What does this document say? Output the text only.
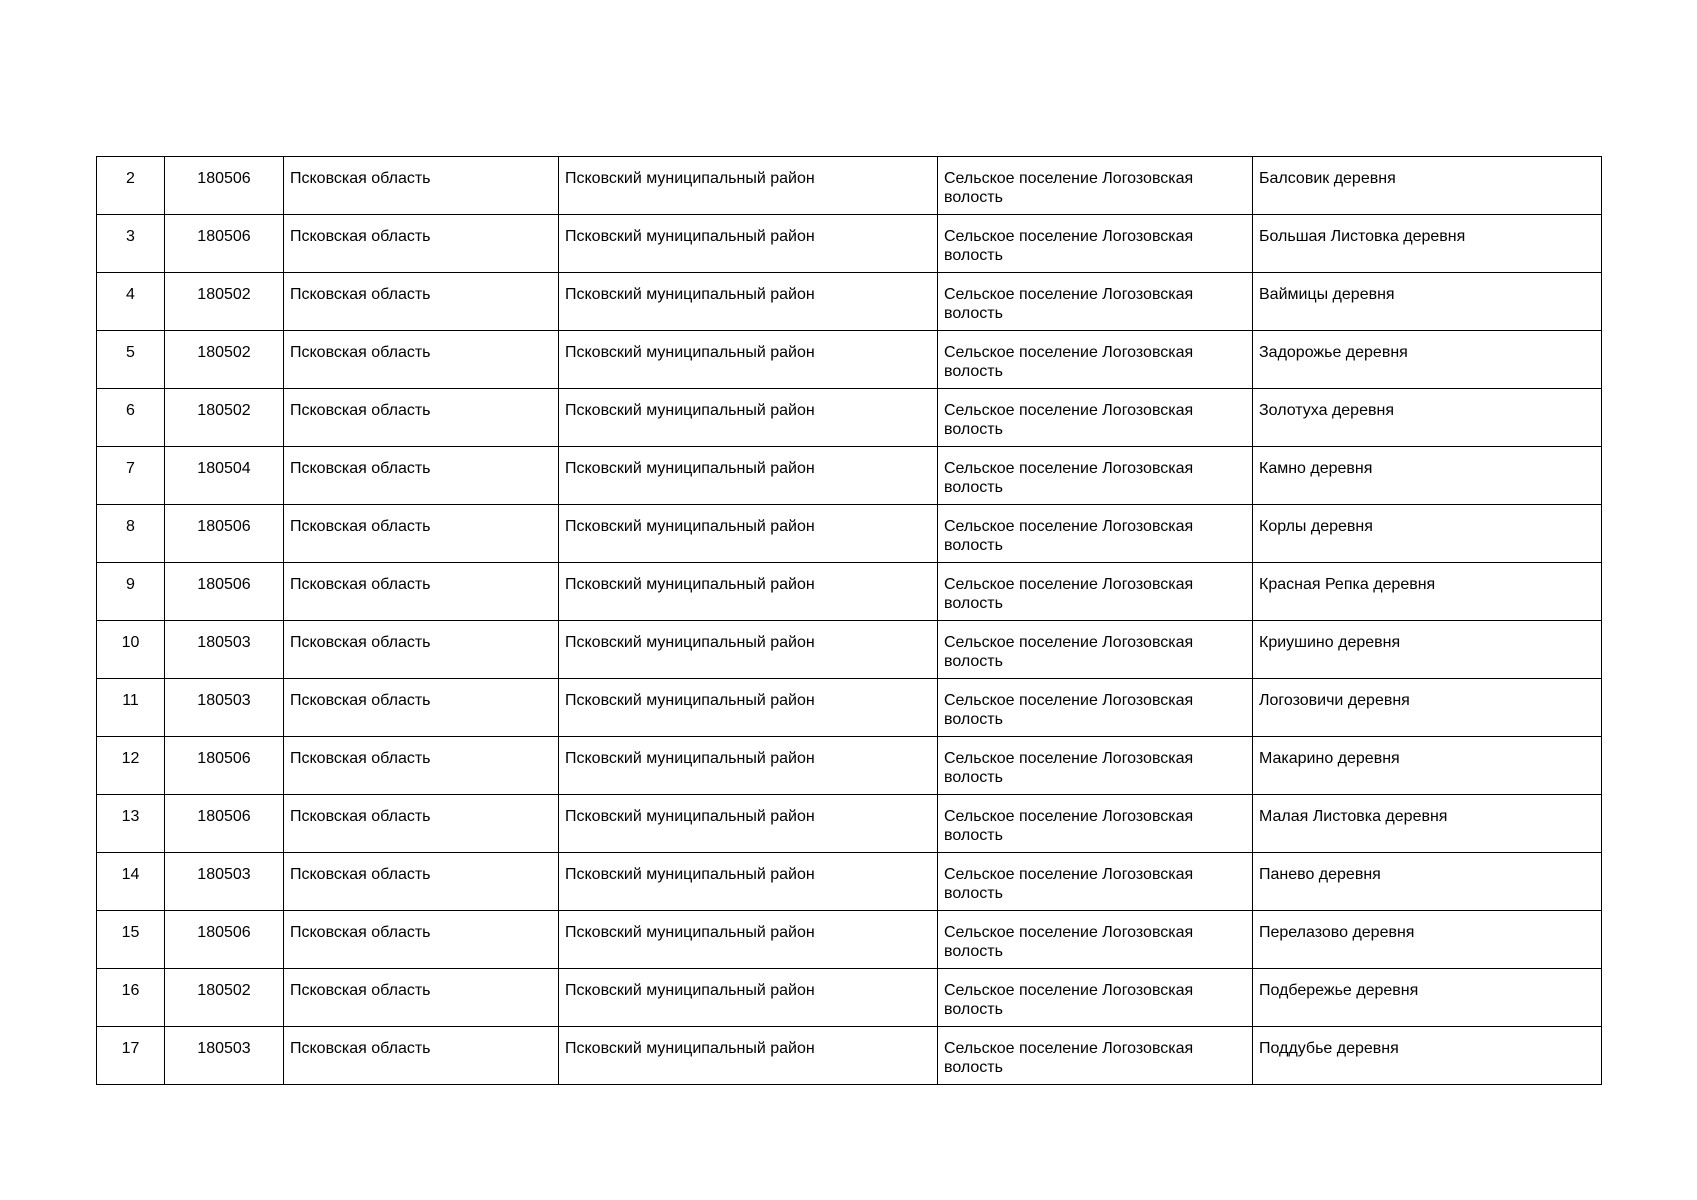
2	180506	Псковская область	Псковский муниципальный район	Сельское поселение Логозовская волость	Балсовик деревня
3	180506	Псковская область	Псковский муниципальный район	Сельское поселение Логозовская волость	Большая Листовка деревня
4	180502	Псковская область	Псковский муниципальный район	Сельское поселение Логозовская волость	Ваймицы деревня
5	180502	Псковская область	Псковский муниципальный район	Сельское поселение Логозовская волость	Задорожье деревня
6	180502	Псковская область	Псковский муниципальный район	Сельское поселение Логозовская волость	Золотуха деревня
7	180504	Псковская область	Псковский муниципальный район	Сельское поселение Логозовская волость	Камно деревня
8	180506	Псковская область	Псковский муниципальный район	Сельское поселение Логозовская волость	Корлы деревня
9	180506	Псковская область	Псковский муниципальный район	Сельское поселение Логозовская волость	Красная Репка деревня
10	180503	Псковская область	Псковский муниципальный район	Сельское поселение Логозовская волость	Криушино деревня
11	180503	Псковская область	Псковский муниципальный район	Сельское поселение Логозовская волость	Логозовичи деревня
12	180506	Псковская область	Псковский муниципальный район	Сельское поселение Логозовская волость	Макарино деревня
13	180506	Псковская область	Псковский муниципальный район	Сельское поселение Логозовская волость	Малая Листовка деревня
14	180503	Псковская область	Псковский муниципальный район	Сельское поселение Логозовская волость	Панево деревня
15	180506	Псковская область	Псковский муниципальный район	Сельское поселение Логозовская волость	Перелазово деревня
16	180502	Псковская область	Псковский муниципальный район	Сельское поселение Логозовская волость	Подбережье деревня
17	180503	Псковская область	Псковский муниципальный район	Сельское поселение Логозовская волость	Поддубье деревня
